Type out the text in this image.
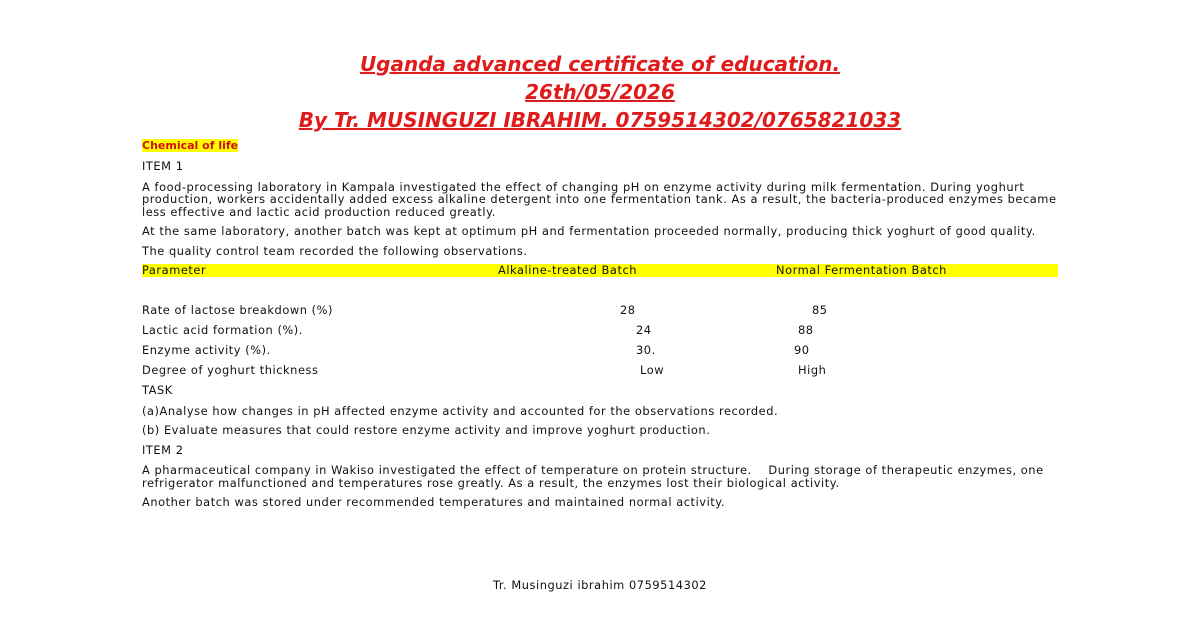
Uganda advanced certificate of education.

26th/05/2026

By Tr. MUSINGUZI IBRAHIM. 0759514302/0765821033

Chemical of life

ITEM 1

A food-processing laboratory in Kampala investigated the effect of changing pH on enzyme activity during milk fermentation. During yoghurt production, workers accidentally added excess alkaline detergent into one fermentation tank. As a result, the bacteria-produced enzymes became less effective and lactic acid production reduced greatly.

At the same laboratory, another batch was kept at optimum pH and fermentation proceeded normally, producing thick yoghurt of good quality.

The quality control team recorded the following observations.

Parameter	Alkaline-treated Batch	Normal Fermentation Batch
Rate of lactose breakdown (%)	28	85
Lactic acid formation (%).	24	88
Enzyme activity (%).	30.	90
Degree of yoghurt thickness	Low	High

TASK

(a)Analyse how changes in pH affected enzyme activity and accounted for the observations recorded.

(b) Evaluate measures that could restore enzyme activity and improve yoghurt production.

ITEM 2

A pharmaceutical company in Wakiso investigated the effect of temperature on protein structure.    During storage of therapeutic enzymes, one refrigerator malfunctioned and temperatures rose greatly. As a result, the enzymes lost their biological activity.

Another batch was stored under recommended temperatures and maintained normal activity.

Tr. Musinguzi ibrahim 0759514302
